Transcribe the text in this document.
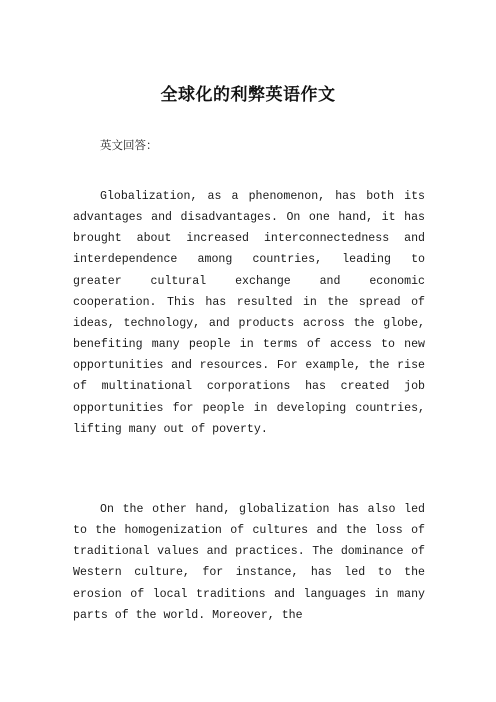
全球化的利弊英语作文
英文回答：

Globalization, as a phenomenon, has both its advantages and disadvantages. On one hand, it has brought about increased interconnectedness and interdependence among countries, leading to greater cultural exchange and economic cooperation. This has resulted in the spread of ideas, technology, and products across the globe, benefiting many people in terms of access to new opportunities and resources. For example, the rise of multinational corporations has created job opportunities for people in developing countries, lifting many out of poverty.

On the other hand, globalization has also led to the homogenization of cultures and the loss of traditional values and practices. The dominance of Western culture, for instance, has led to the erosion of local traditions and languages in many parts of the world. Moreover, the
